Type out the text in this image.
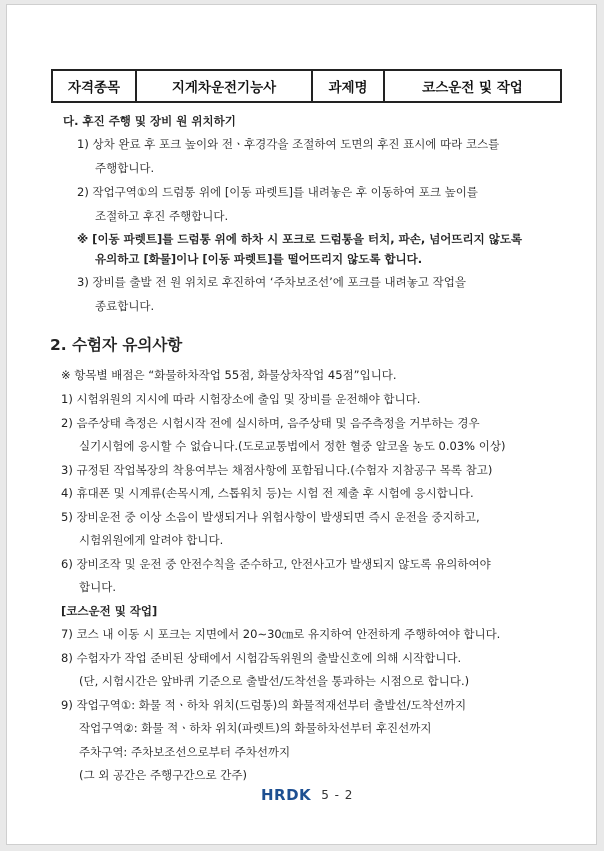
자격종목	지게차운전기능사	과제명	코스운전 및 작업
다. 후진 주행 및 장비 원 위치하기
1) 상차 완료 후 포크 높이와 전ㆍ후경각을 조절하여 도면의 후진 표시에 따라 코스를
주행합니다.
2) 작업구역①의 드럼통 위에 [이동 파렛트]를 내려놓은 후 이동하여 포크 높이를
조절하고 후진 주행합니다.
※ [이동 파렛트]를 드럼통 위에 하차 시 포크로 드럼통을 터치, 파손, 넘어뜨리지 않도록
유의하고 [화물]이나 [이동 파렛트]를 떨어뜨리지 않도록 합니다.
3) 장비를 출발 전 원 위치로 후진하여 ‘주차보조선’에 포크를 내려놓고 작업을
종료합니다.
2. 수험자 유의사항
※ 항목별 배점은 “화물하차작업 55점, 화물상차작업 45점”입니다.
1) 시험위원의 지시에 따라 시험장소에 출입 및 장비를 운전해야 합니다.
2) 음주상태 측정은 시험시작 전에 실시하며, 음주상태 및 음주측정을 거부하는 경우
실기시험에 응시할 수 없습니다.(도로교통법에서 정한 혈중 알코올 농도 0.03% 이상)
3) 규정된 작업복장의 착용여부는 채점사항에 포함됩니다.(수험자 지참공구 목록 참고)
4) 휴대폰 및 시계류(손목시계, 스톱워치 등)는 시험 전 제출 후 시험에 응시합니다.
5) 장비운전 중 이상 소음이 발생되거나 위험사항이 발생되면 즉시 운전을 중지하고,
시험위원에게 알려야 합니다.
6) 장비조작 및 운전 중 안전수칙을 준수하고, 안전사고가 발생되지 않도록 유의하여야
합니다.
[코스운전 및 작업]
7) 코스 내 이동 시 포크는 지면에서 20∼30㎝로 유지하여 안전하게 주행하여야 합니다.
8) 수험자가 작업 준비된 상태에서 시험감독위원의 출발신호에 의해 시작합니다.
(단, 시험시간은 앞바퀴 기준으로 출발선/도착선을 통과하는 시점으로 합니다.)
9) 작업구역①: 화물 적ㆍ하차 위치(드럼통)의 화물적재선부터 출발선/도착선까지
작업구역②: 화물 적ㆍ하차 위치(파렛트)의 화물하차선부터 후진선까지
주차구역: 주차보조선으로부터 주차선까지
(그 외 공간은 주행구간으로 간주)
HRDK 5 - 2
